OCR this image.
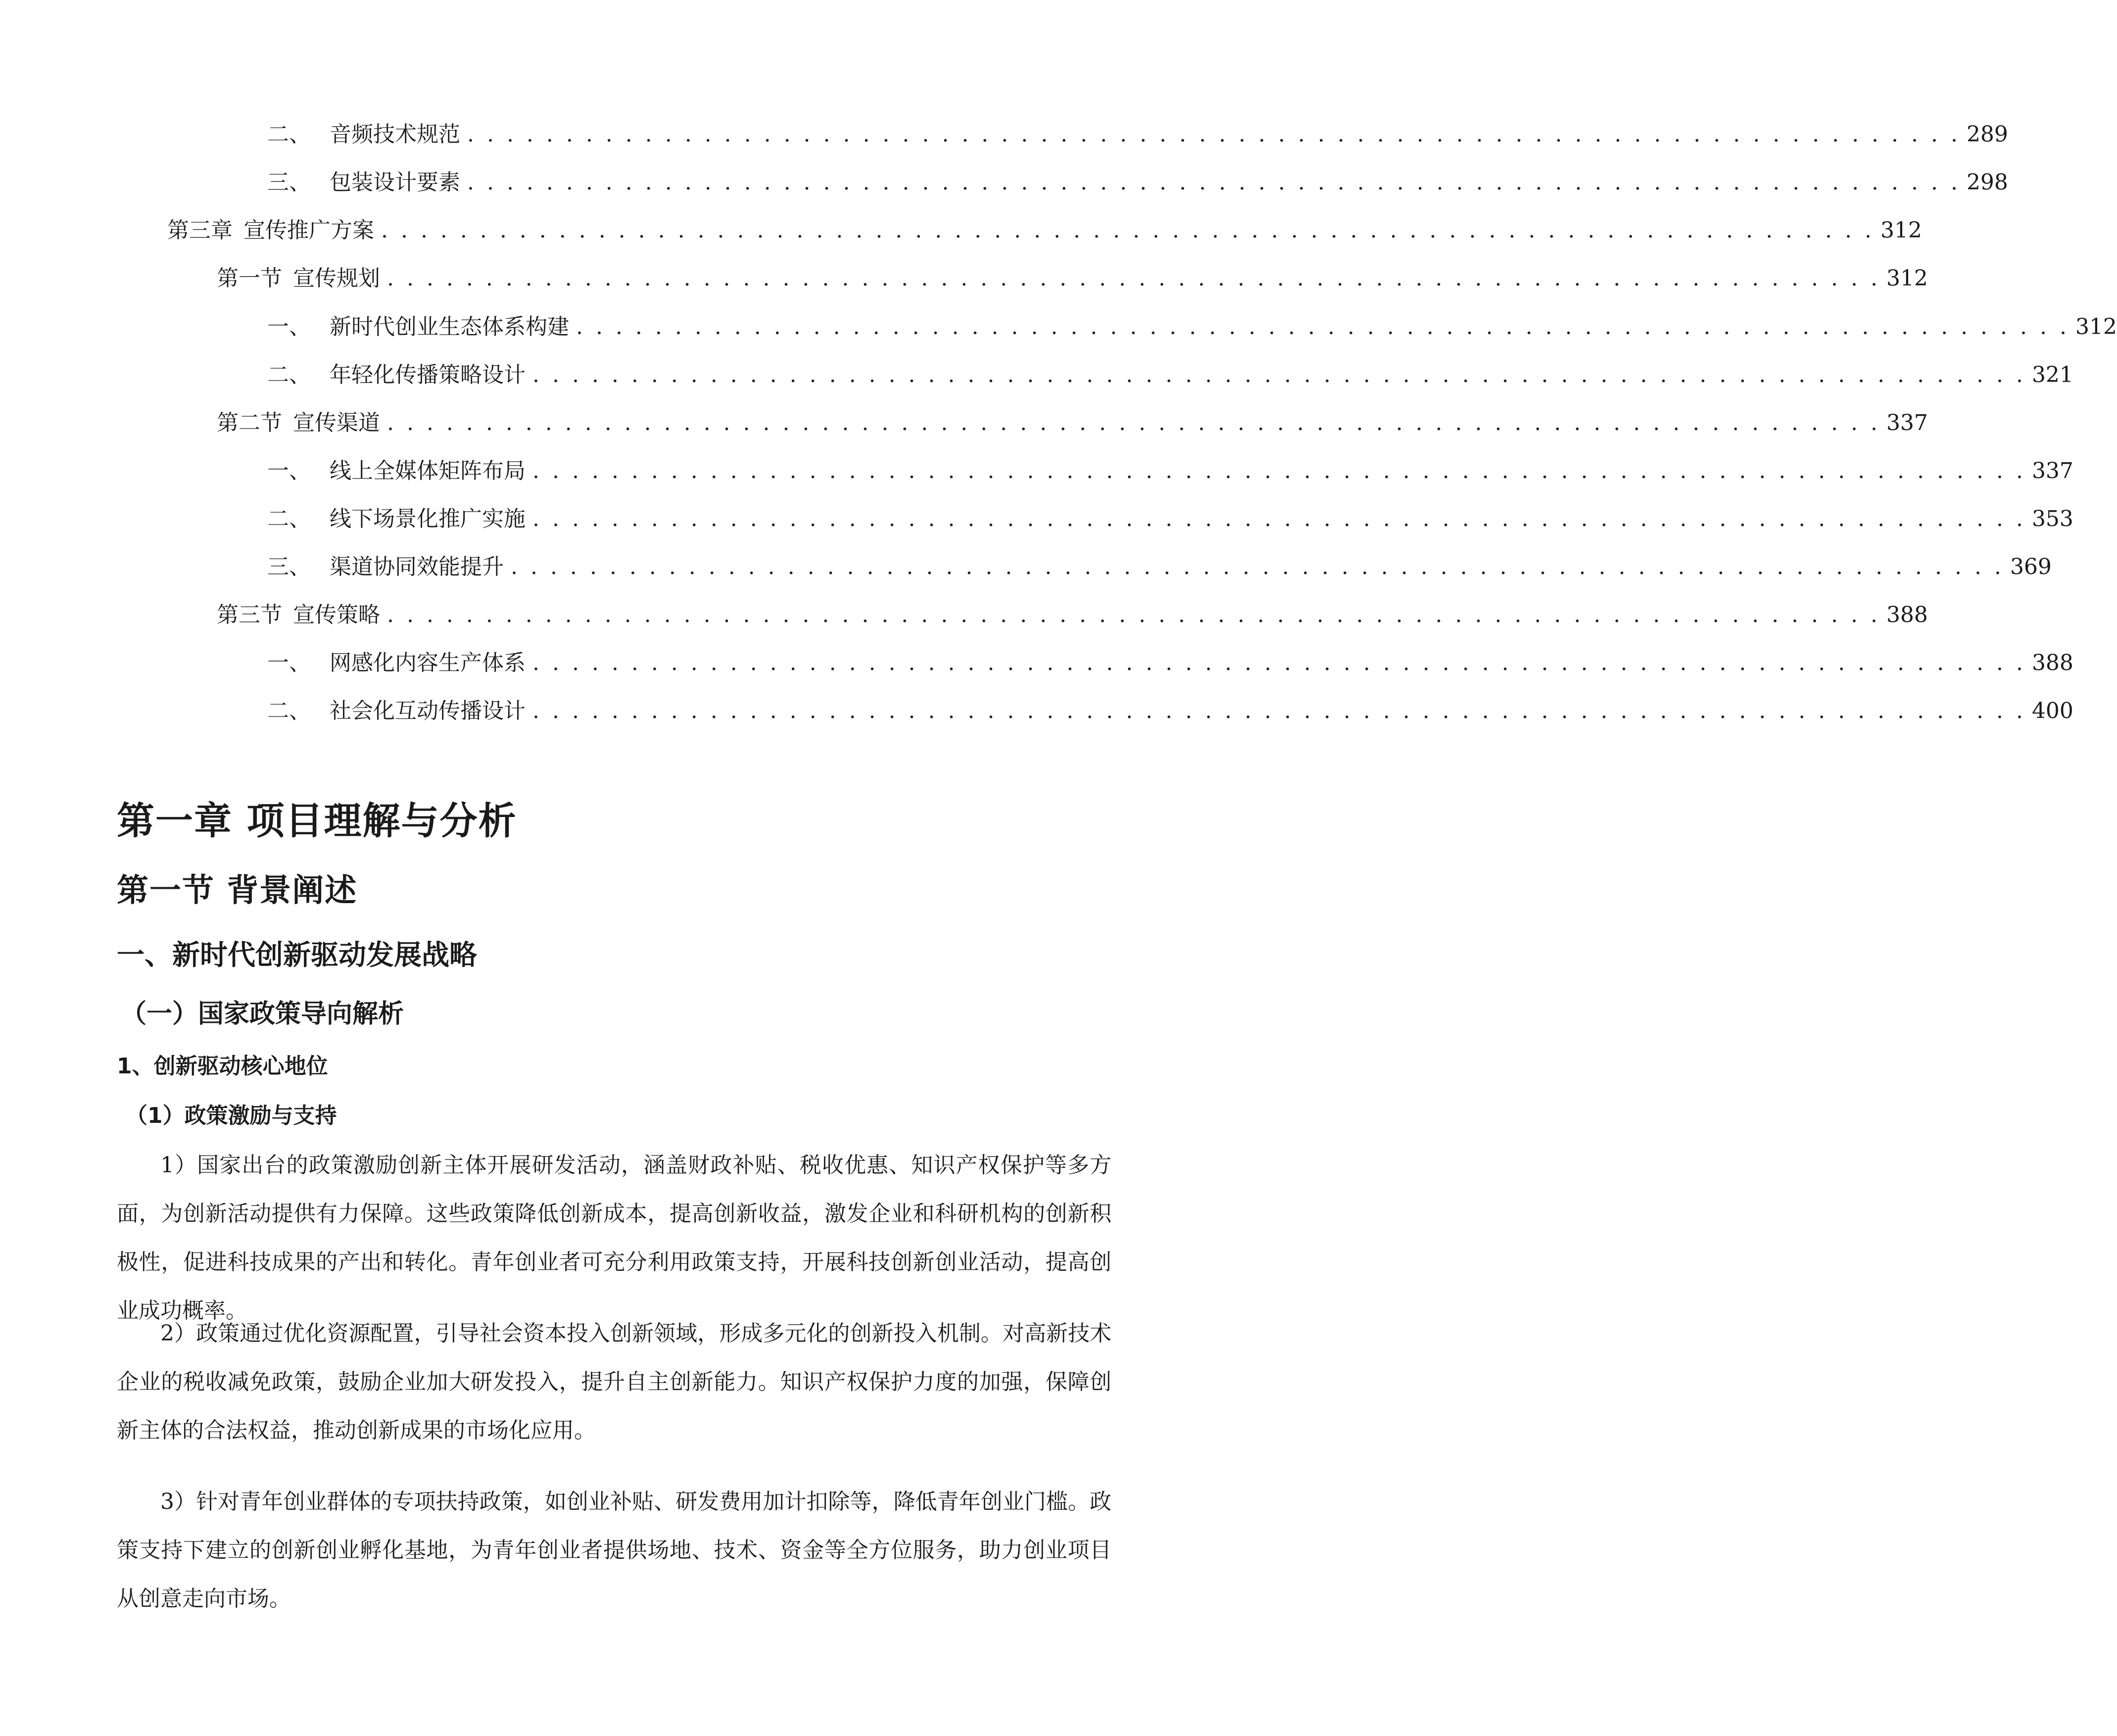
二、 音频技术规范 . . . . . . . . . . . . . . . . . . . . . . . . . . . . . . . . . . . . . . . . . . . . . . . . . . . . . . . . . . . . . . . . . . . . . . . . . . . . 289
三、 包装设计要素 . . . . . . . . . . . . . . . . . . . . . . . . . . . . . . . . . . . . . . . . . . . . . . . . . . . . . . . . . . . . . . . . . . . . . . . . . . . . 298
第三章 宣传推广方案 . . . . . . . . . . . . . . . . . . . . . . . . . . . . . . . . . . . . . . . . . . . . . . . . . . . . . . . . . . . . . . . . . . . . . . . . . . . . 312
第一节 宣传规划 . . . . . . . . . . . . . . . . . . . . . . . . . . . . . . . . . . . . . . . . . . . . . . . . . . . . . . . . . . . . . . . . . . . . . . . . . . . . 312
一、 新时代创业生态体系构建 . . . . . . . . . . . . . . . . . . . . . . . . . . . . . . . . . . . . . . . . . . . . . . . . . . . . . . . . . . . . . . . . . . . . . . . . . . . . 312
二、 年轻化传播策略设计 . . . . . . . . . . . . . . . . . . . . . . . . . . . . . . . . . . . . . . . . . . . . . . . . . . . . . . . . . . . . . . . . . . . . . . . . . . . . 321
第二节 宣传渠道 . . . . . . . . . . . . . . . . . . . . . . . . . . . . . . . . . . . . . . . . . . . . . . . . . . . . . . . . . . . . . . . . . . . . . . . . . . . . 337
一、 线上全媒体矩阵布局 . . . . . . . . . . . . . . . . . . . . . . . . . . . . . . . . . . . . . . . . . . . . . . . . . . . . . . . . . . . . . . . . . . . . . . . . . . . . 337
二、 线下场景化推广实施 . . . . . . . . . . . . . . . . . . . . . . . . . . . . . . . . . . . . . . . . . . . . . . . . . . . . . . . . . . . . . . . . . . . . . . . . . . . . 353
三、 渠道协同效能提升 . . . . . . . . . . . . . . . . . . . . . . . . . . . . . . . . . . . . . . . . . . . . . . . . . . . . . . . . . . . . . . . . . . . . . . . . . . . . 369
第三节 宣传策略 . . . . . . . . . . . . . . . . . . . . . . . . . . . . . . . . . . . . . . . . . . . . . . . . . . . . . . . . . . . . . . . . . . . . . . . . . . . . 388
一、 网感化内容生产体系 . . . . . . . . . . . . . . . . . . . . . . . . . . . . . . . . . . . . . . . . . . . . . . . . . . . . . . . . . . . . . . . . . . . . . . . . . . . . 388
二、 社会化互动传播设计 . . . . . . . . . . . . . . . . . . . . . . . . . . . . . . . . . . . . . . . . . . . . . . . . . . . . . . . . . . . . . . . . . . . . . . . . . . . . 400
第一章 项目理解与分析
第一节 背景阐述
一、新时代创新驱动发展战略
（一）国家政策导向解析
1、创新驱动核心地位
（1）政策激励与支持
1）国家出台的政策激励创新主体开展研发活动，涵盖财政补贴、税收优惠、知识产权保护等多方面，为创新活动提供有力保障。这些政策降低创新成本，提高创新收益，激发企业和科研机构的创新积极性，促进科技成果的产出和转化。青年创业者可充分利用政策支持，开展科技创新创业活动，提高创业成功概率。
2）政策通过优化资源配置，引导社会资本投入创新领域，形成多元化的创新投入机制。对高新技术企业的税收减免政策，鼓励企业加大研发投入，提升自主创新能力。知识产权保护力度的加强，保障创新主体的合法权益，推动创新成果的市场化应用。
3）针对青年创业群体的专项扶持政策，如创业补贴、研发费用加计扣除等，降低青年创业门槛。政策支持下建立的创新创业孵化基地，为青年创业者提供场地、技术、资金等全方位服务，助力创业项目从创意走向市场。
